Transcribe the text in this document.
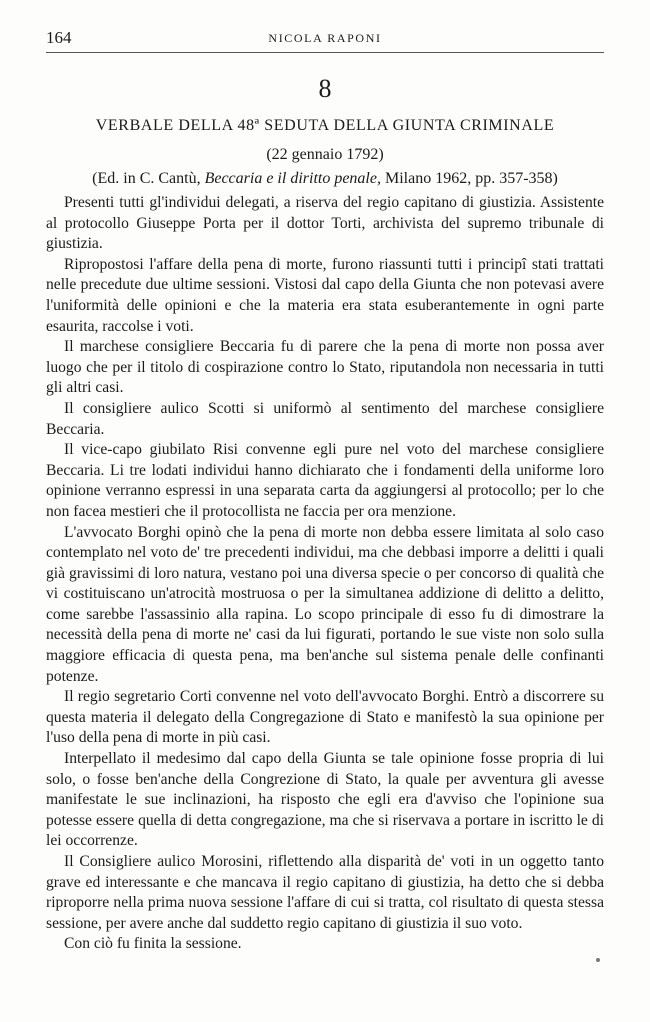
164	NICOLA RAPONI
8
VERBALE DELLA 48ª SEDUTA DELLA GIUNTA CRIMINALE
(22 gennaio 1792)
(Ed. in C. Cantù, Beccaria e il diritto penale, Milano 1962, pp. 357-358)

Presenti tutti gl'individui delegati, a riserva del regio capitano di giustizia. Assistente al protocollo Giuseppe Porta per il dottor Torti, archivista del supremo tribunale di giustizia.

Ripropostosi l'affare della pena di morte, furono riassunti tutti i principî stati trattati nelle precedute due ultime sessioni. Vistosi dal capo della Giunta che non potevasi avere l'uniformità delle opinioni e che la materia era stata esuberantemente in ogni parte esaurita, raccolse i voti.

Il marchese consigliere Beccaria fu di parere che la pena di morte non possa aver luogo che per il titolo di cospirazione contro lo Stato, riputandola non necessaria in tutti gli altri casi.

Il consigliere aulico Scotti si uniformò al sentimento del marchese consigliere Beccaria.

Il vice-capo giubilato Risi convenne egli pure nel voto del marchese consigliere Beccaria. Li tre lodati individui hanno dichiarato che i fondamenti della uniforme loro opinione verranno espressi in una separata carta da aggiungersi al protocollo; per lo che non facea mestieri che il protocollista ne faccia per ora menzione.

L'avvocato Borghi opinò che la pena di morte non debba essere limitata al solo caso contemplato nel voto de' tre precedenti individui, ma che debbasi imporre a delitti i quali già gravissimi di loro natura, vestano poi una diversa specie o per concorso di qualità che vi costituiscano un'atrocità mostruosa o per la simultanea addizione di delitto a delitto, come sarebbe l'assassinio alla rapina. Lo scopo principale di esso fu di dimostrare la necessità della pena di morte ne' casi da lui figurati, portando le sue viste non solo sulla maggiore efficacia di questa pena, ma ben'anche sul sistema penale delle confinanti potenze.

Il regio segretario Corti convenne nel voto dell'avvocato Borghi. Entrò a discorrere su questa materia il delegato della Congregazione di Stato e manifestò la sua opinione per l'uso della pena di morte in più casi.

Interpellato il medesimo dal capo della Giunta se tale opinione fosse propria di lui solo, o fosse ben'anche della Congrezione di Stato, la quale per avventura gli avesse manifestate le sue inclinazioni, ha risposto che egli era d'avviso che l'opinione sua potesse essere quella di detta congregazione, ma che si riservava a portare in iscritto le di lei occorrenze.

Il Consigliere aulico Morosini, riflettendo alla disparità de' voti in un oggetto tanto grave ed interessante e che mancava il regio capitano di giustizia, ha detto che si debba riproporre nella prima nuova sessione l'affare di cui si tratta, col risultato di questa stessa sessione, per avere anche dal suddetto regio capitano di giustizia il suo voto.

Con ciò fu finita la sessione.
